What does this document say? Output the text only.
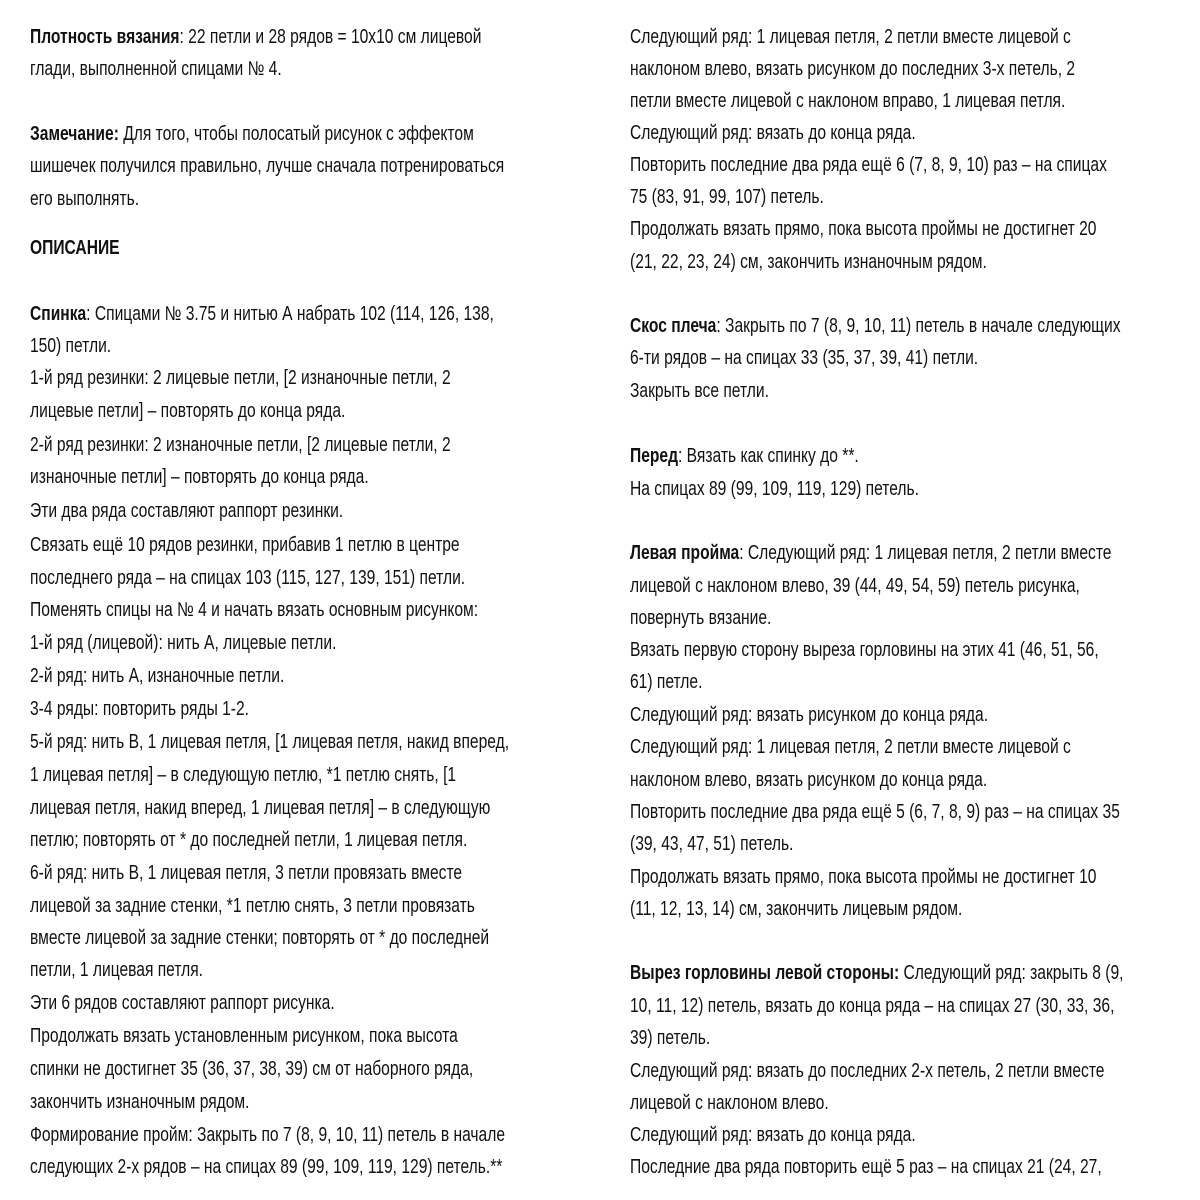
Плотность вязания: 22 петли и 28 рядов = 10x10 см лицевой
глади, выполненной спицами № 4.
Замечание: Для того, чтобы полосатый рисунок с эффектом
шишечек получился правильно, лучше сначала потренироваться
его выполнять.
ОПИСАНИЕ
Спинка: Спицами № 3.75 и нитью А набрать 102 (114, 126, 138,
150) петли.
1-й ряд резинки: 2 лицевые петли, [2 изнаночные петли, 2
лицевые петли] – повторять до конца ряда.
2-й ряд резинки: 2 изнаночные петли, [2 лицевые петли, 2
изнаночные петли] – повторять до конца ряда.
Эти два ряда составляют раппорт резинки.
Связать ещё 10 рядов резинки, прибавив 1 петлю в центре
последнего ряда – на спицах 103 (115, 127, 139, 151) петли.
Поменять спицы на № 4 и начать вязать основным рисунком:
1-й ряд (лицевой): нить А, лицевые петли.
2-й ряд: нить А, изнаночные петли.
3-4 ряды: повторить ряды 1-2.
5-й ряд: нить В, 1 лицевая петля, [1 лицевая петля, накид вперед,
1 лицевая петля] – в следующую петлю, *1 петлю снять, [1
лицевая петля, накид вперед, 1 лицевая петля] – в следующую
петлю; повторять от * до последней петли, 1 лицевая петля.
6-й ряд: нить В, 1 лицевая петля, 3 петли провязать вместе
лицевой за задние стенки, *1 петлю снять, 3 петли провязать
вместе лицевой за задние стенки; повторять от * до последней
петли, 1 лицевая петля.
Эти 6 рядов составляют раппорт рисунка.
Продолжать вязать установленным рисунком, пока высота
спинки не достигнет 35 (36, 37, 38, 39) см от наборного ряда,
закончить изнаночным рядом.
Формирование пройм: Закрыть по 7 (8, 9, 10, 11) петель в начале
следующих 2-х рядов – на спицах 89 (99, 109, 119, 129) петель.**
Следующий ряд: 1 лицевая петля, 2 петли вместе лицевой с
наклоном влево, вязать рисунком до последних 3-х петель, 2
петли вместе лицевой с наклоном вправо, 1 лицевая петля.
Следующий ряд: вязать до конца ряда.
Повторить последние два ряда ещё 6 (7, 8, 9, 10) раз – на спицах
75 (83, 91, 99, 107) петель.
Продолжать вязать прямо, пока высота проймы не достигнет 20
(21, 22, 23, 24) см, закончить изнаночным рядом.
Скос плеча: Закрыть по 7 (8, 9, 10, 11) петель в начале следующих
6-ти рядов – на спицах 33 (35, 37, 39, 41) петли.
Закрыть все петли.
Перед: Вязать как спинку до **.
На спицах 89 (99, 109, 119, 129) петель.
Левая пройма: Следующий ряд: 1 лицевая петля, 2 петли вместе
лицевой с наклоном влево, 39 (44, 49, 54, 59) петель рисунка,
повернуть вязание.
Вязать первую сторону выреза горловины на этих 41 (46, 51, 56,
61) петле.
Следующий ряд: вязать рисунком до конца ряда.
Следующий ряд: 1 лицевая петля, 2 петли вместе лицевой с
наклоном влево, вязать рисунком до конца ряда.
Повторить последние два ряда ещё 5 (6, 7, 8, 9) раз – на спицах 35
(39, 43, 47, 51) петель.
Продолжать вязать прямо, пока высота проймы не достигнет 10
(11, 12, 13, 14) см, закончить лицевым рядом.
Вырез горловины левой стороны: Следующий ряд: закрыть 8 (9,
10, 11, 12) петель, вязать до конца ряда – на спицах 27 (30, 33, 36,
39) петель.
Следующий ряд: вязать до последних 2-х петель, 2 петли вместе
лицевой с наклоном влево.
Следующий ряд: вязать до конца ряда.
Последние два ряда повторить ещё 5 раз – на спицах 21 (24, 27,
